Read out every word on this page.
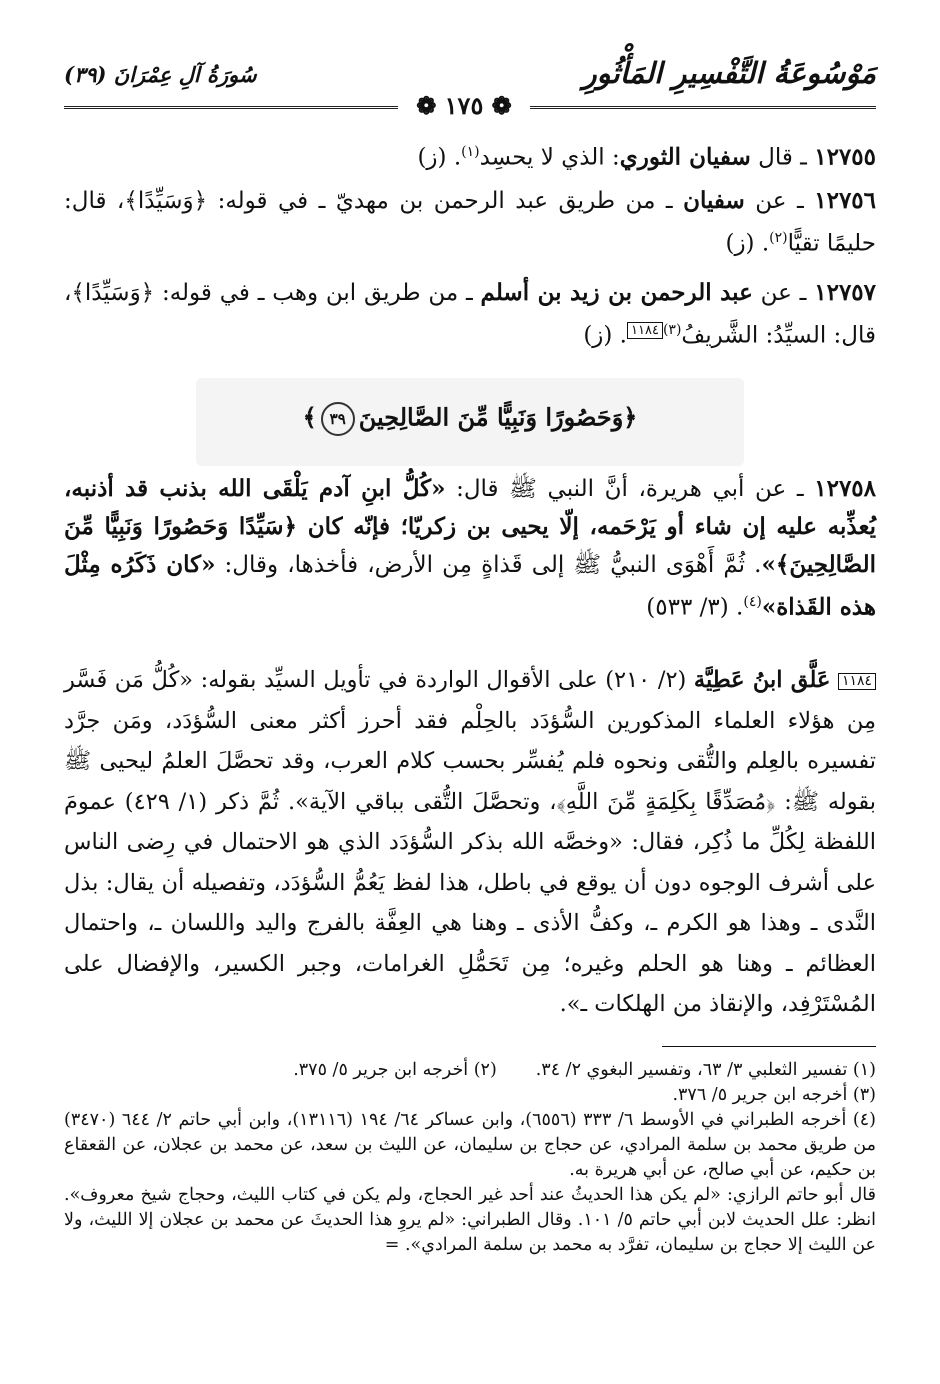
مَوْسُوعَةُ التَّفْسِيرِ المَأْثُورِ
سُورَةُ آلِ عِمْرَانَ (٣٩)
❁ ١٧٥ ❁
١٢٧٥٥ ـ قال سفيان الثوري: الذي لا يحسِد$^{(١)}$. (ز)
١٢٧٥٦ ـ عن سفيان ـ من طريق عبد الرحمن بن مهديّ ـ في قوله: ﴿وَسَيِّدًا﴾، قال: حليمًا تقيًّا$^{(٢)}$. (ز)
١٢٧٥٧ ـ عن عبد الرحمن بن زيد بن أسلم ـ من طريق ابن وهب ـ في قوله: ﴿وَسَيِّدًا﴾، قال: السيِّدُ: الشَّريفُ$^{(٣)}$١١٨٤. (ز)
﴿وَحَصُورًا وَنَبِيًّا مِّنَ الصَّالِحِينَ٣٩﴾
١٢٧٥٨ ـ عن أبي هريرة، أنَّ النبي ﷺ قال: «كُلُّ ابنِ آدم يَلْقَى الله بذنب قد أذنبه، يُعذِّبه عليه إن شاء أو يَرْحَمه، إلّا يحيى بن زكريّا؛ فإنّه كان ﴿سَيِّدًا وَحَصُورًا وَنَبِيًّا مِّنَ الصَّالِحِينَ﴾». ثُمَّ أَهْوَى النبيُّ ﷺ إلى قَذاةٍ مِن الأرض، فأخذها، وقال: «كان ذَكَرُه مِثْلَ هذه القَذاة»$^{(٤)}$. (٣/ ٥٣٣)
١١٨٤ عَلَّق ابنُ عَطِيَّة (٢/ ٢١٠) على الأقوال الواردة في تأويل السيِّد بقوله: «كُلُّ مَن فَسَّر مِن هؤلاء العلماء المذكورين السُّؤدَد بالحِلْم فقد أحرز أكثر معنى السُّؤدَد، ومَن جرَّد تفسيره بالعِلم والتُّقى ونحوه فلم يُفسِّر بحسب كلام العرب، وقد تحصَّلَ العلمُ ليحيى ﷺ بقوله ﷺ: ﴿مُصَدِّقًا بِكَلِمَةٍ مِّنَ اللَّهِ﴾، وتحصَّلَ التُّقى بباقي الآية». ثُمَّ ذكر (١/ ٤٢٩) عمومَ اللفظة لِكُلِّ ما ذُكِر، فقال: «وخصَّه الله بذكر السُّؤدَد الذي هو الاحتمال في رِضى الناس على أشرف الوجوه دون أن يوقع في باطل، هذا لفظ يَعُمُّ السُّؤدَد، وتفصيله أن يقال: بذل النَّدى ـ وهذا هو الكرم ـ، وكفُّ الأذى ـ وهنا هي العِفَّة بالفرج واليد واللسان ـ، واحتمال العظائم ـ وهنا هو الحلم وغيره؛ مِن تَحَمُّلِ الغرامات، وجبر الكسير، والإفضال على المُسْتَرْفِد، والإنقاذ من الهلكات ـ».
(١) تفسير الثعلبي ٣/ ٦٣، وتفسير البغوي ٢/ ٣٤.       (٢) أخرجه ابن جرير ٥/ ٣٧٥.
(٣) أخرجه ابن جرير ٥/ ٣٧٦.
(٤) أخرجه الطبراني في الأوسط ٦/ ٣٣٣ (٦٥٥٦)، وابن عساكر ٦٤/ ١٩٤ (١٣١١٦)، وابن أبي حاتم ٢/ ٦٤٤ (٣٤٧٠) من طريق محمد بن سلمة المرادي، عن حجاج بن سليمان، عن الليث بن سعد، عن محمد بن عجلان، عن القعقاع بن حكيم، عن أبي صالح، عن أبي هريرة به.
قال أبو حاتم الرازي: «لم يكن هذا الحديثُ عند أحد غير الحجاج، ولم يكن في كتاب الليث، وحجاج شيخ معروف». انظر: علل الحديث لابن أبي حاتم ٥/ ١٠١. وقال الطبراني: «لم يروِ هذا الحديثَ عن محمد بن عجلان إلا الليث، ولا عن الليث إلا حجاج بن سليمان، تفرَّد به محمد بن سلمة المرادي». =
